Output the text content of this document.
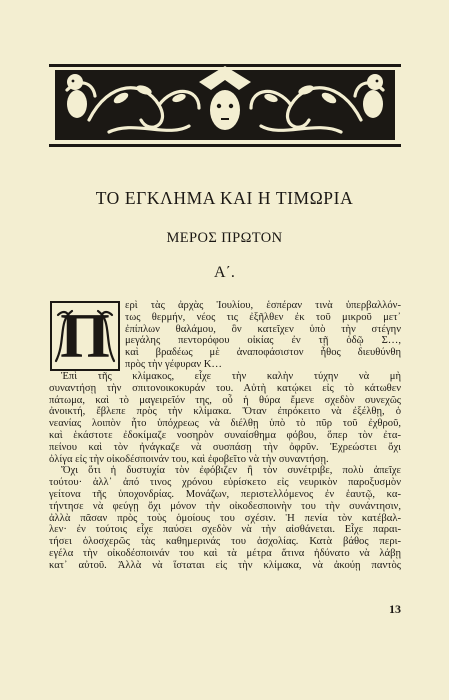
ΤΟ ΕΓΚΛΗΜΑ ΚΑΙ Η ΤΙΜΩΡΙΑ
ΜΕΡΟΣ ΠΡΩΤΟΝ
Α΄.
Π	ερὶ τὰς ἀρχὰς Ἰουλίου, ἑσπέραν τινὰ ὑπερβαλλόν-
τως θερμήν, νέος τις ἐξῆλθεν ἐκ τοῦ μικροῦ μετ᾽
ἐπίπλων θαλάμου, ὃν κατεῖχεν ὑπὸ τὴν στέγην
μεγάλης πεντορόφου οἰκίας ἐν τῇ ὁδῷ Σ…,
καὶ βραδέως μὲ ἀναποφάσιστον ἦθος διευθύνθη
πρὸς τὴν γέφυραν Κ…
Ἐπὶ τῆς κλίμακος, εἶχε τὴν καλὴν τύχην νὰ μὴ
συναντήσῃ τὴν σπιτονοικοκυράν του. Αὐτὴ κατῴκει εἰς τὸ κάτωθεν
πάτωμα, καὶ τὸ μαγειρεῖόν της, οὗ ἡ θύρα ἔμενε σχεδὸν συνεχῶς
ἀνοικτή, ἔβλεπε πρὸς τὴν κλίμακα. Ὅταν ἐπρόκειτο νὰ ἐξέλθῃ, ὁ
νεανίας λοιπὸν ἦτο ὑπόχρεως νὰ διέλθῃ ὑπὸ τὸ πῦρ τοῦ ἐχθροῦ,
καὶ ἑκάστοτε ἐδοκίμαζε νοσηρὸν συναίσθημα φόβου, ὅπερ τὸν ἐτα-
πείνου καὶ τὸν ἠνάγκαζε νὰ συσπάσῃ τὴν ὀφρῦν. Ἐχρεώστει ὄχι
ὀλίγα εἰς τὴν οἰκοδέσποινάν του, καὶ ἐφοβεῖτο νὰ τὴν συναντήσῃ.
Ὄχι ὅτι ἡ δυστυχία τὸν ἐφόβιζεν ἢ τὸν συνέτριβε, πολὺ ἀπεῖχε
τούτου· ἀλλ᾽ ἀπό τινος χρόνου εὑρίσκετο εἰς νευρικὸν παροξυσμὸν
γείτονα τῆς ὑποχονδρίας. Μονάζων, περιστελλόμενος ἐν ἑαυτῷ, κα-
τήντησε νὰ φεύγῃ ὄχι μόνον τὴν οἰκοδεσποινὴν του τὴν συνάντησιν,
ἀλλὰ πᾶσαν πρὸς τοὺς ὁμοίους του σχέσιν. Ἡ πενία τὸν κατέβαλ-
λεν· ἐν τούτοις εἶχε παύσει σχεδὸν νὰ τὴν αἰσθάνεται. Εἶχε παραι-
τήσει ὁλοσχερῶς τὰς καθημερινάς του ἀσχολίας. Κατὰ βάθος περι-
εγέλα τὴν οἰκοδέσποινάν του καὶ τὰ μέτρα ἅτινα ἠδύνατο νὰ λάβῃ
κατ᾽ αὐτοῦ. Ἀλλὰ νὰ ἵσταται εἰς τὴν κλίμακα, νὰ ἀκούῃ παντὸς
13
